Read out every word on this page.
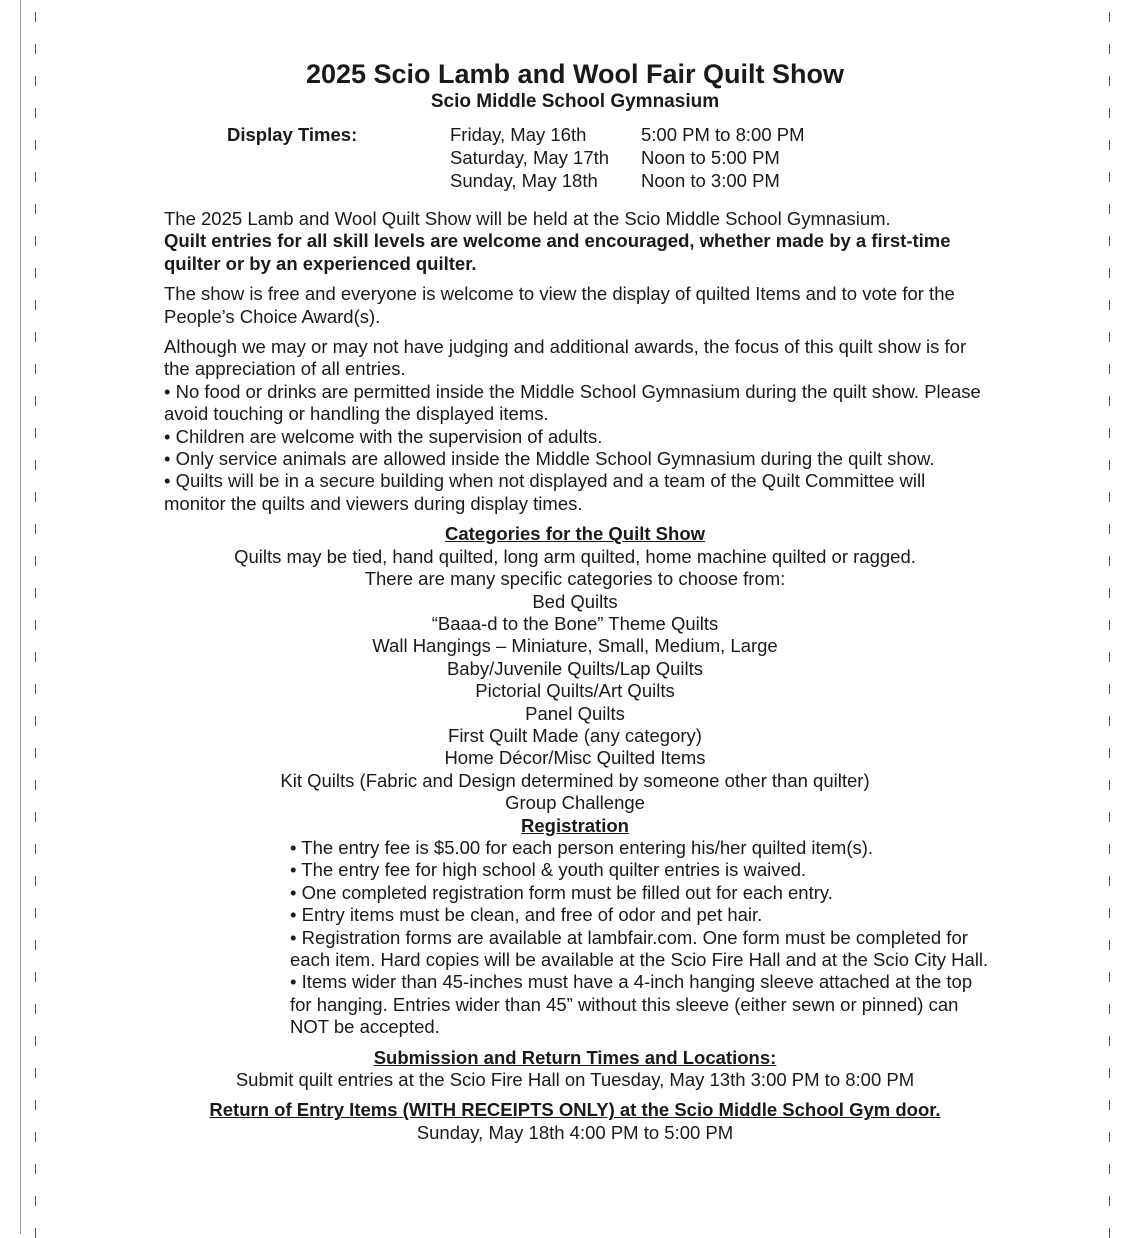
2025 Scio Lamb and Wool Fair Quilt Show
Scio Middle School Gymnasium
Display Times:	Friday, May 16th	5:00 PM to 8:00 PM
Saturday, May 17th Noon to 5:00 PM
Sunday, May 18th Noon to 3:00 PM
The 2025 Lamb and Wool Quilt Show will be held at the Scio Middle School Gymnasium.

Quilt entries for all skill levels are welcome and encouraged, whether made by a first-time quilter or by an experienced quilter.

The show is free and everyone is welcome to view the display of quilted Items and to vote for the People’s Choice Award(s).

Although we may or may not have judging and additional awards, the focus of this quilt show is for the appreciation of all entries.
• No food or drinks are permitted inside the Middle School Gymnasium during the quilt show. Please avoid touching or handling the displayed items.
• Children are welcome with the supervision of adults.
• Only service animals are allowed inside the Middle School Gymnasium during the quilt show.
• Quilts will be in a secure building when not displayed and a team of the Quilt Committee will monitor the quilts and viewers during display times.
Categories for the Quilt Show
Quilts may be tied, hand quilted, long arm quilted, home machine quilted or ragged.
There are many specific categories to choose from:
Bed Quilts
“Baaa-d to the Bone” Theme Quilts
Wall Hangings – Miniature, Small, Medium, Large
Baby/Juvenile Quilts/Lap Quilts
Pictorial Quilts/Art Quilts
Panel Quilts
First Quilt Made (any category)
Home Décor/Misc Quilted Items
Kit Quilts (Fabric and Design determined by someone other than quilter)
Group Challenge
Registration
• The entry fee is $5.00 for each person entering his/her quilted item(s).
• The entry fee for high school & youth quilter entries is waived.
• One completed registration form must be filled out for each entry.
• Entry items must be clean, and free of odor and pet hair.
• Registration forms are available at lambfair.com. One form must be completed for each item. Hard copies will be available at the Scio Fire Hall and at the Scio City Hall.
• Items wider than 45-inches must have a 4-inch hanging sleeve attached at the top for hanging. Entries wider than 45” without this sleeve (either sewn or pinned) can NOT be accepted.
Submission and Return Times and Locations:
Submit quilt entries at the Scio Fire Hall on Tuesday, May 13th 3:00 PM to 8:00 PM
Return of Entry Items (WITH RECEIPTS ONLY) at the Scio Middle School Gym door.
Sunday, May 18th 4:00 PM to 5:00 PM
